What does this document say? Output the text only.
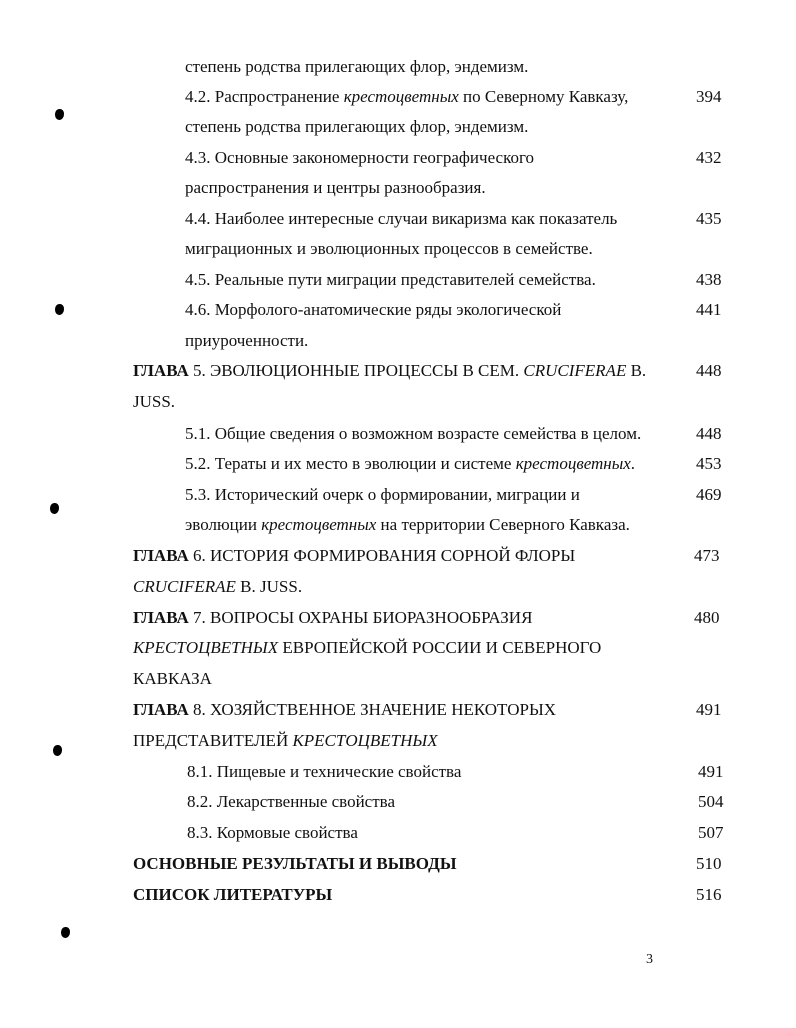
степень родства прилегающих флор, эндемизм.
4.2. Распространение крестоцветных по Северному Кавказу,	394
степень родства прилегающих флор, эндемизм.
4.3. Основные закономерности географического	432
распространения и центры разнообразия.
4.4. Наиболее интересные случаи викаризма как показатель	435
миграционных и эволюционных процессов в семействе.
4.5. Реальные пути миграции представителей семейства.	438
4.6. Морфолого-анатомические ряды экологической	441
приуроченности.
ГЛАВА 5. ЭВОЛЮЦИОННЫЕ ПРОЦЕССЫ В СЕМ. CRUCIFERAE B.	448
JUSS.
5.1. Общие сведения о возможном возрасте семейства в целом.	448
5.2. Тераты и их место в эволюции и системе крестоцветных.	453
5.3. Исторический очерк о формировании, миграции и	469
эволюции крестоцветных на территории Северного Кавказа.
ГЛАВА 6. ИСТОРИЯ ФОРМИРОВАНИЯ СОРНОЙ ФЛОРЫ	473
CRUCIFERAE B. JUSS.
ГЛАВА 7. ВОПРОСЫ ОХРАНЫ БИОРАЗНООБРАЗИЯ	480
КРЕСТОЦВЕТНЫХ ЕВРОПЕЙСКОЙ РОССИИ И СЕВЕРНОГО
КАВКАЗА
ГЛАВА 8. ХОЗЯЙСТВЕННОЕ ЗНАЧЕНИЕ НЕКОТОРЫХ	491
ПРЕДСТАВИТЕЛЕЙ КРЕСТОЦВЕТНЫХ
8.1. Пищевые и технические свойства	491
8.2. Лекарственные свойства	504
8.3. Кормовые свойства	507
ОСНОВНЫЕ РЕЗУЛЬТАТЫ И ВЫВОДЫ	510
СПИСОК ЛИТЕРАТУРЫ	516
3
